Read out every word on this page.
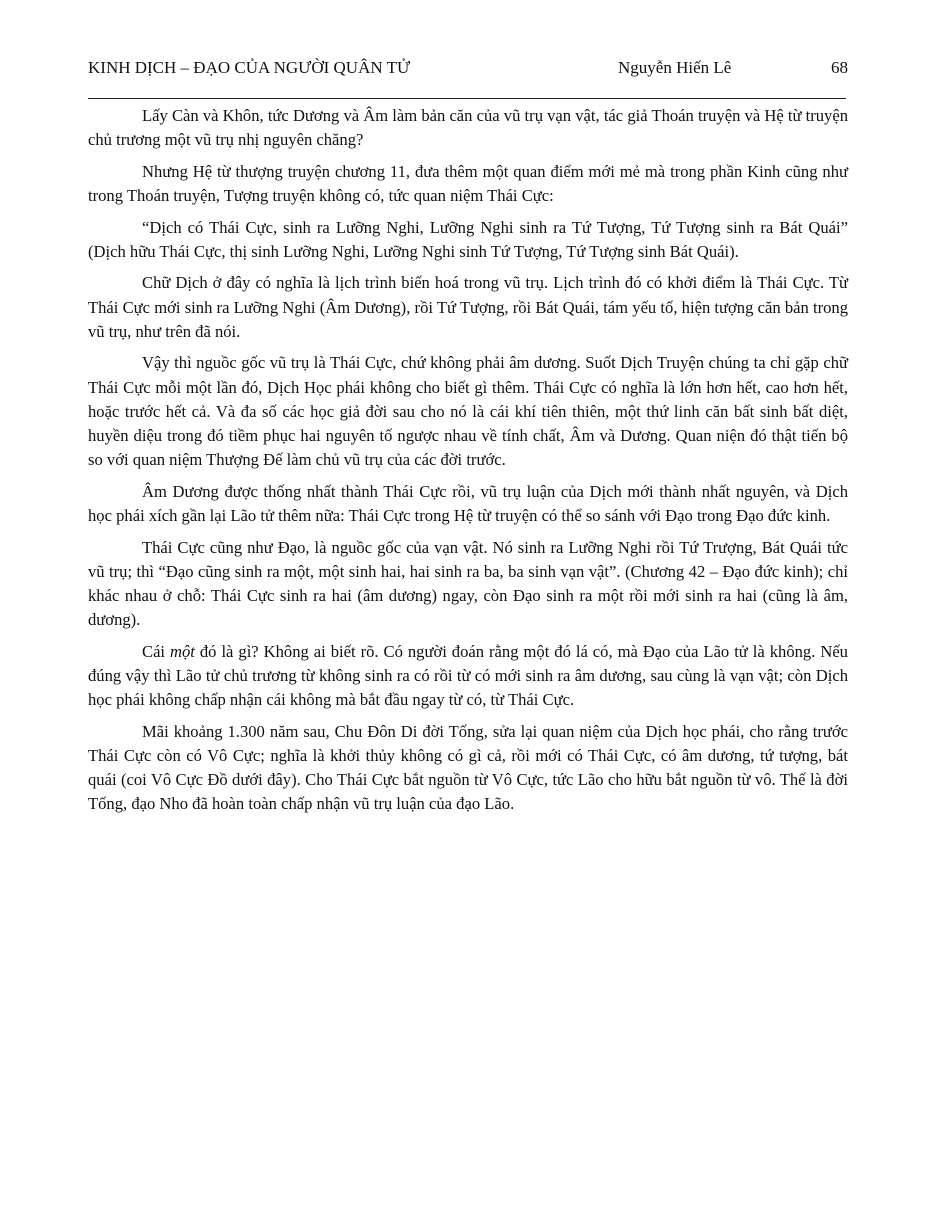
KINH DỊCH – ĐẠO CỦA NGƯỜI QUÂN TỬ	Nguyễn Hiến Lê	68

Lấy Càn và Khôn, tức Dương và Âm làm bản căn của vũ trụ vạn vật, tác giả Thoán truyện và Hệ từ truyện chủ trương một vũ trụ nhị nguyên chăng?

Nhưng Hệ từ thượng truyện chương 11, đưa thêm một quan điểm mới mẻ mà trong phần Kinh cũng như trong Thoán truyện, Tượng truyện không có, tức quan niệm Thái Cực:

“Dịch có Thái Cực, sinh ra Lưỡng Nghi, Lưỡng Nghi sinh ra Tứ Tượng, Tứ Tượng sinh ra Bát Quái” (Dịch hữu Thái Cực, thị sinh Lưỡng Nghi, Lưỡng Nghi sinh Tứ Tượng, Tứ Tượng sinh Bát Quái).

Chữ Dịch ở đây có nghĩa là lịch trình biến hoá trong vũ trụ. Lịch trình đó có khởi điểm là Thái Cực. Từ Thái Cực mới sinh ra Lưỡng Nghi (Âm Dương), rồi Tứ Tượng, rồi Bát Quái, tám yếu tố, hiện tượng căn bản trong vũ trụ, như trên đã nói.

Vậy thì nguồc gốc vũ trụ là Thái Cực, chứ không phải âm dương. Suốt Dịch Truyện chúng ta chỉ gặp chữ Thái Cực mỗi một lần đó, Dịch Học phái không cho biết gì thêm. Thái Cực có nghĩa là lớn hơn hết, cao hơn hết, hoặc trước hết cả. Và đa số các học giả đời sau cho nó là cái khí tiên thiên, một thứ linh căn bất sinh bất diệt, huyền diệu trong đó tiềm phục hai nguyên tố ngược nhau về tính chất, Âm và Dương. Quan niện đó thật tiến bộ so với quan niệm Thượng Đế làm chủ vũ trụ của các đời trước.

Âm Dương được thống nhất thành Thái Cực rồi, vũ trụ luận của Dịch mới thành nhất nguyên, và Dịch học phái xích gần lại Lão tử thêm nữa: Thái Cực trong Hệ từ truyện có thể so sánh với Đạo trong Đạo đức kinh.

Thái Cực cũng như Đạo, là nguồc gốc của vạn vật. Nó sinh ra Lưỡng Nghi rồi Tứ Trượng, Bát Quái tức vũ trụ; thì “Đạo cũng sinh ra một, một sinh hai, hai sinh ra ba, ba sinh vạn vật”. (Chương 42 – Đạo đức kinh); chỉ khác nhau ở chỗ: Thái Cực sinh ra hai (âm dương) ngay, còn Đạo sinh ra một rồi mới sinh ra hai (cũng là âm, dương).

Cái một đó là gì? Không ai biết rõ. Có người đoán rằng một đó lá có, mà Đạo của Lão tử là không. Nếu đúng vậy thì Lão tử chủ trương từ không sinh ra có rồi từ có mới sinh ra âm dương, sau cùng là vạn vật; còn Dịch học phái không chấp nhận cái không mà bắt đầu ngay từ có, từ Thái Cực.

Mãi khoảng 1.300 năm sau, Chu Đôn Di đời Tống, sửa lại quan niệm của Dịch học phái, cho rằng trước Thái Cực còn có Vô Cực; nghĩa là khởi thủy không có gì cả, rồi mới có Thái Cực, có âm dương, tứ tượng, bát quái (coi Vô Cực Đồ dưới đây). Cho Thái Cực bắt nguồn từ Vô Cực, tức Lão cho hữu bắt nguồn từ vô. Thế là đời Tống, đạo Nho đã hoàn toàn chấp nhận vũ trụ luận của đạo Lão.
